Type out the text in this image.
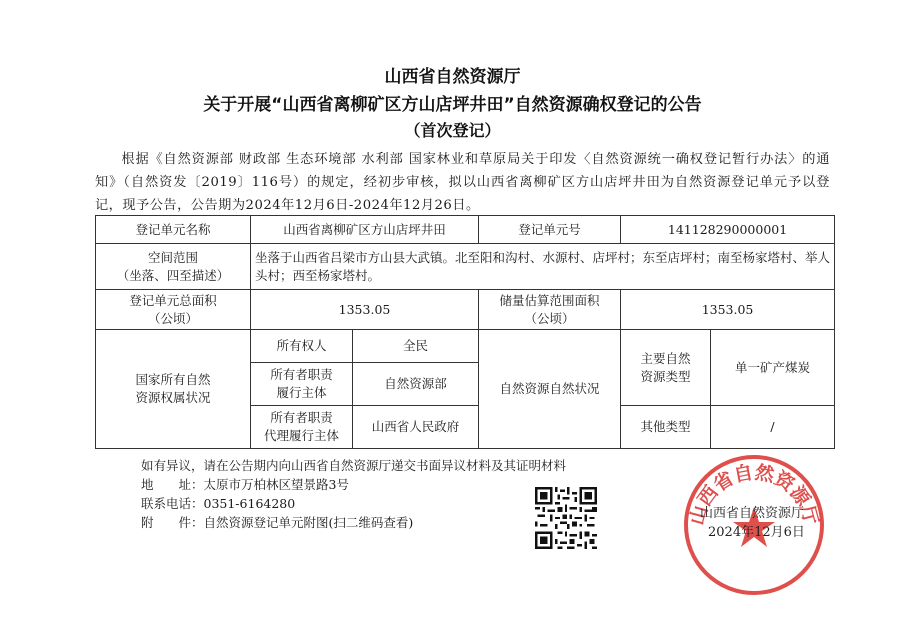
山西省自然资源厅
关于开展“山西省离柳矿区方山店坪井田”自然资源确权登记的公告
（首次登记）
根据《自然资源部 财政部 生态环境部 水利部 国家林业和草原局关于印发〈自然资源统一确权登记暂行办法〉的通知》（自然资发〔2019〕116号）的规定，经初步审核，拟以山西省离柳矿区方山店坪井田为自然资源登记单元予以登记，现予公告，公告期为2024年12月6日-2024年12月26日。
登记单元名称	山西省离柳矿区方山店坪井田		登记单元号	141128290000001	
空间范围
（坐落、四至描述）	坐落于山西省吕梁市方山县大武镇。北至阳和沟村、水源村、店坪村；东至店坪村；南至杨家塔村、举人头村；西至杨家塔村。				
登记单元总面积
（公顷）	1353.05		储量估算范围面积
（公顷）	1353.05	
国家所有自然
资源权属状况	所有权人	全民	自然资源自然状况	主要自然
资源类型	单一矿产煤炭
	所有者职责
履行主体	自然资源部			
	所有者职责
代理履行主体	山西省人民政府		其他类型	/
如有异议，请在公告期内向山西省自然资源厅递交书面异议材料及其证明材料
地　　址：太原市万柏林区望景路3号
联系电话：0351-6164280
附　　件：自然资源登记单元附图(扫二维码查看)	山西省自然资源厅
山西省自然资源厅
2024年12月6日
